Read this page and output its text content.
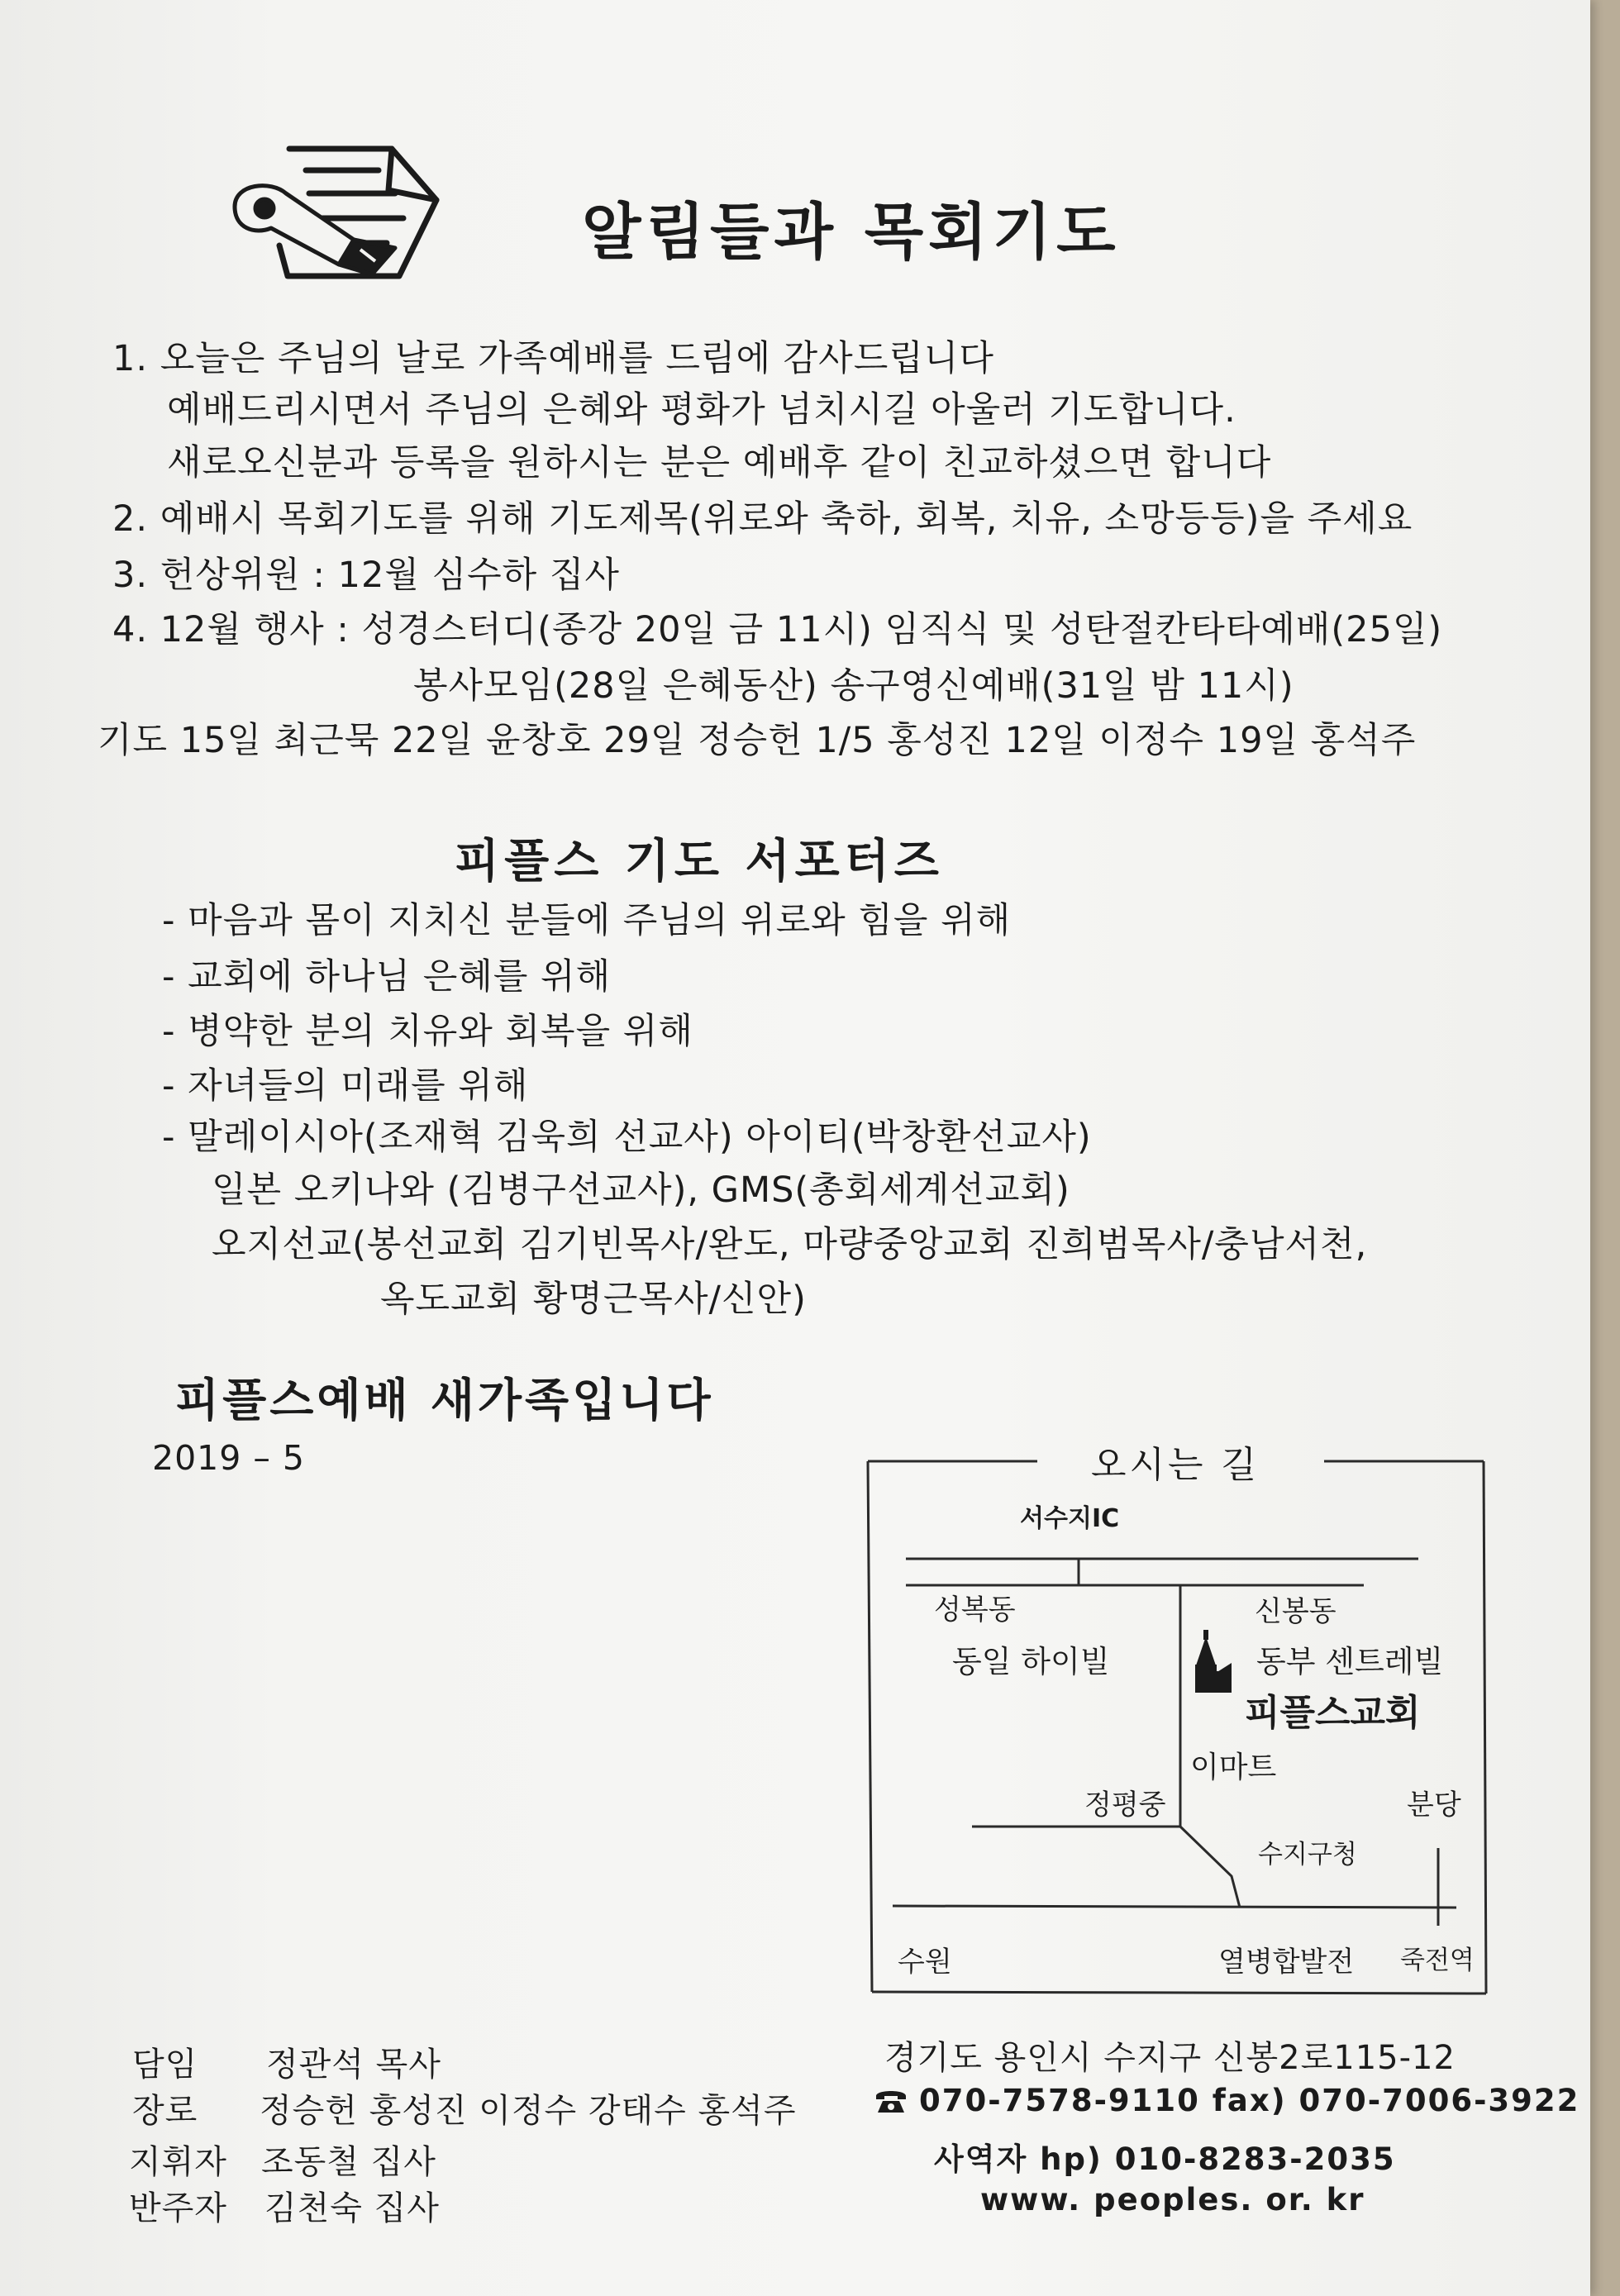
알림들과 목회기도
1. 오늘은 주님의 날로 가족예배를 드림에 감사드립니다
예배드리시면서 주님의 은혜와 평화가 넘치시길 아울러 기도합니다.
새로오신분과 등록을 원하시는 분은 예배후 같이 친교하셨으면 합니다
2. 예배시 목회기도를 위해 기도제목(위로와 축하, 회복, 치유, 소망등등)을 주세요
3. 헌상위원 : 12월 심수하 집사
4. 12월 행사 : 성경스터디(종강 20일 금 11시) 임직식 및 성탄절칸타타예배(25일)
봉사모임(28일 은혜동산) 송구영신예배(31일 밤 11시)
기도 15일 최근묵 22일 윤창호 29일 정승헌 1/5 홍성진 12일 이정수 19일 홍석주
피플스 기도 서포터즈
- 마음과 몸이 지치신 분들에 주님의 위로와 힘을 위해
- 교회에 하나님 은혜를 위해
- 병약한 분의 치유와 회복을 위해
- 자녀들의 미래를 위해
- 말레이시아(조재혁 김욱희 선교사) 아이티(박창환선교사)
일본 오키나와 (김병구선교사), GMS(총회세계선교회)
오지선교(봉선교회 김기빈목사/완도, 마량중앙교회 진희범목사/충남서천,
옥도교회 황명근목사/신안)
피플스예배 새가족입니다
2019 – 5	오시는 길
서수지IC
성복동
동일 하이빌
신봉동
동부 센트레빌
피플스교회
이마트
정평중	분당
수지구청
수원	열병합발전 죽전역
담임 정관석 목사
장로 정승헌 홍성진 이정수 강태수 홍석주
지휘자 조동철 집사
반주자 김천숙 집사
경기도 용인시 수지구 신봉2로115-12
070-7578-9110 fax) 070-7006-3922
사역자 hp) 010-8283-2035
www. peoples. or. kr
